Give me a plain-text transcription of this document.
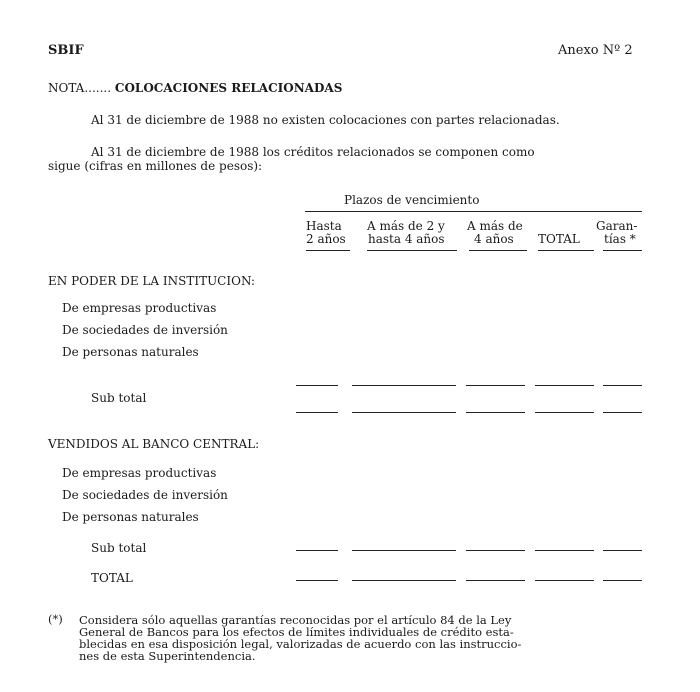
SBIF	Anexo Nº 2
NOTA....... COLOCACIONES RELACIONADAS
Al 31 de diciembre de 1988 no existen colocaciones con partes relacionadas.
Al 31 de diciembre de 1988 los créditos relacionados se componen como
sigue (cifras en millones de pesos):
Plazos de vencimiento
Hasta
2 años
A más de 2 y
hasta 4 años
A más de
4 años TOTAL
Garan-
tías *
EN PODER DE LA INSTITUCION:
De empresas productivas
De sociedades de inversión
De personas naturales
Sub total
VENDIDOS AL BANCO CENTRAL:
De empresas productivas
De sociedades de inversión
De personas naturales
Sub total
TOTAL
(*) Considera sólo aquellas garantías reconocidas por el artículo 84 de la Ley
General de Bancos para los efectos de límites individuales de crédito esta-
blecidas en esa disposición legal, valorizadas de acuerdo con las instruccio-
nes de esta Superintendencia.
